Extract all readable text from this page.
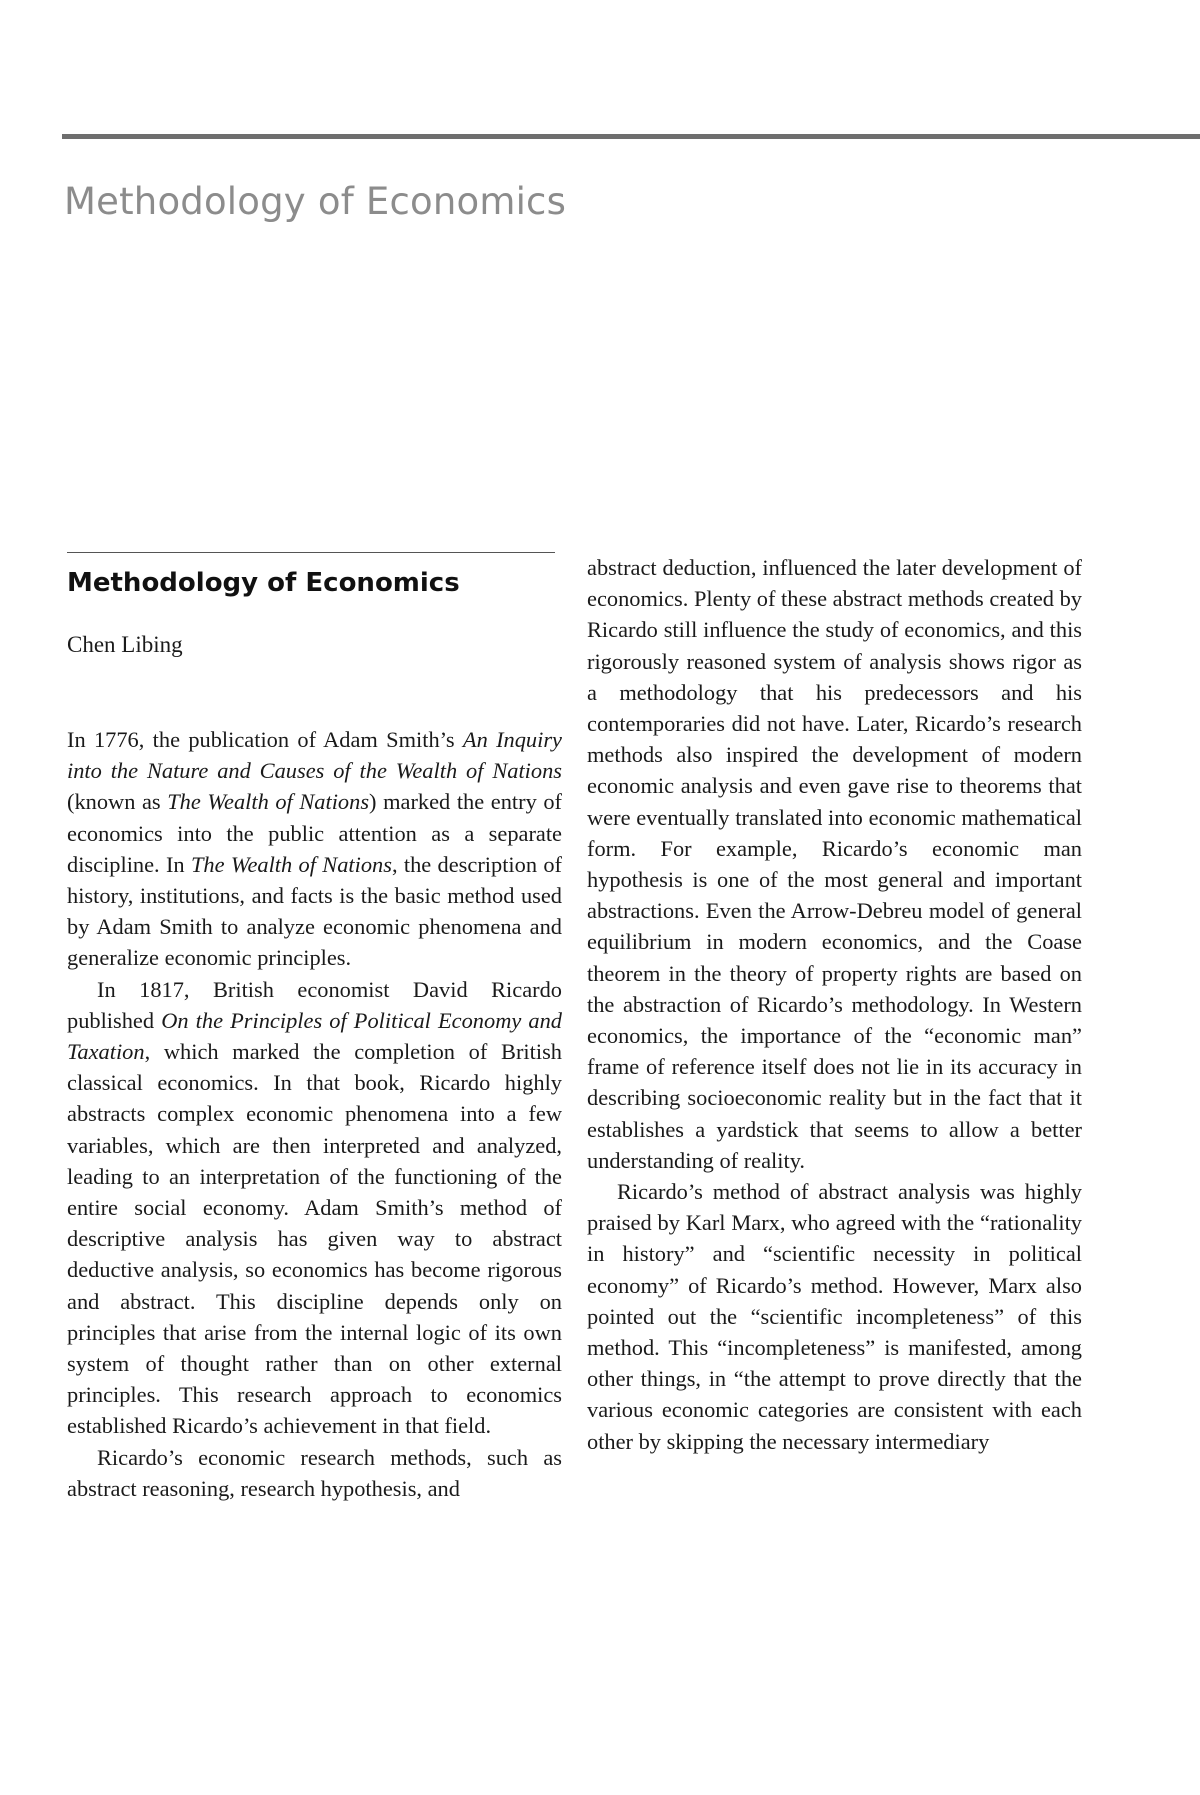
Methodology of Economics
Methodology of Economics

Chen Libing

In 1776, the publication of Adam Smith’s An Inquiry into the Nature and Causes of the Wealth of Nations (known as The Wealth of Nations) marked the entry of economics into the public attention as a separate discipline. In The Wealth of Nations, the description of history, institutions, and facts is the basic method used by Adam Smith to analyze economic phenomena and generalize economic principles.

In 1817, British economist David Ricardo published On the Principles of Political Economy and Taxation, which marked the completion of British classical economics. In that book, Ricardo highly abstracts complex economic phenomena into a few variables, which are then interpreted and analyzed, leading to an interpretation of the functioning of the entire social economy. Adam Smith’s method of descriptive analysis has given way to abstract deductive analysis, so economics has become rigorous and abstract. This discipline depends only on principles that arise from the internal logic of its own system of thought rather than on other external principles. This research approach to economics established Ricardo’s achievement in that field.

Ricardo’s economic research methods, such as abstract reasoning, research hypothesis, and

abstract deduction, influenced the later development of economics. Plenty of these abstract methods created by Ricardo still influence the study of economics, and this rigorously reasoned system of analysis shows rigor as a methodology that his predecessors and his contemporaries did not have. Later, Ricardo’s research methods also inspired the development of modern economic analysis and even gave rise to theorems that were eventually translated into economic mathematical form. For example, Ricardo’s economic man hypothesis is one of the most general and important abstractions. Even the Arrow-Debreu model of general equilibrium in modern economics, and the Coase theorem in the theory of property rights are based on the abstraction of Ricardo’s methodology. In Western economics, the importance of the “economic man” frame of reference itself does not lie in its accuracy in describing socioeconomic reality but in the fact that it establishes a yardstick that seems to allow a better understanding of reality.

Ricardo’s method of abstract analysis was highly praised by Karl Marx, who agreed with the “rationality in history” and “scientific necessity in political economy” of Ricardo’s method. However, Marx also pointed out the “scientific incompleteness” of this method. This “incompleteness” is manifested, among other things, in “the attempt to prove directly that the various economic categories are consistent with each other by skipping the necessary intermediary
